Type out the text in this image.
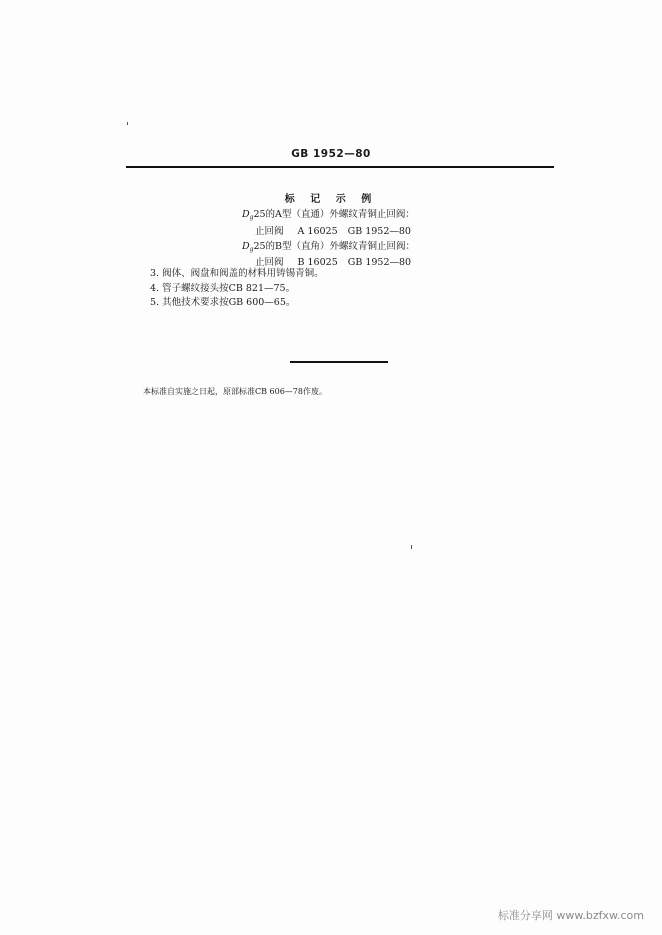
GB 1952—80
标 记 示 例
$D_g25$的A型（直通）外螺纹青铜止回阀：
止回阀 A 16025 GB 1952—80
$D_g25$的B型（直角）外螺纹青铜止回阀：
止回阀 B 16025 GB 1952—80
3. 阀体、阀盘和阀盖的材料用铸锡青铜。
4. 管子螺纹接头按CB 821—75。
5. 其他技术要求按GB 600—65。
本标准自实施之日起，原部标准CB 606—78作废。
标准分享网 www.bzfxw.com
